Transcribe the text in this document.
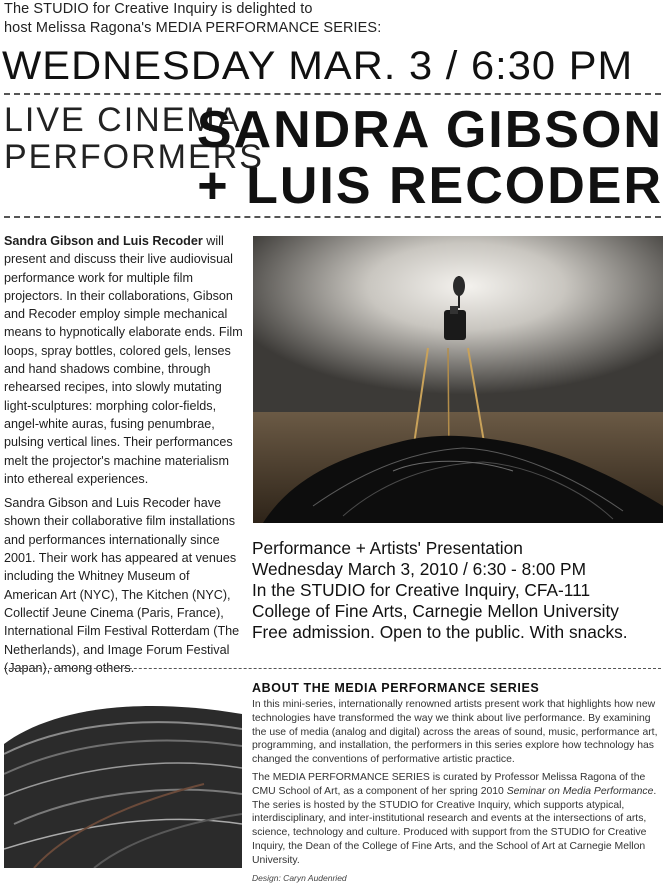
The STUDIO for Creative Inquiry is delighted to
host Melissa Ragona's MEDIA PERFORMANCE SERIES:
WEDNESDAY MAR. 3 / 6:30 PM
LIVE CINEMA
PERFORMERS
SANDRA GIBSON
+ LUIS RECODER

Sandra Gibson and Luis Recoder will present and discuss their live audiovisual performance work for multiple film projectors. In their collaborations, Gibson and Recoder employ simple mechanical means to hypnotically elaborate ends. Film loops, spray bottles, colored gels, lenses and hand shadows combine, through rehearsed recipes, into slowly mutating light-sculptures: morphing color-fields, angel-white auras, fusing penumbrae, pulsing vertical lines. Their performances melt the projector's machine materialism into ethereal experiences.

Sandra Gibson and Luis Recoder have shown their collaborative film installations and performances internationally since 2001. Their work has appeared at venues including the Whitney Museum of American Art (NYC), The Kitchen (NYC), Collectif Jeune Cinema (Paris, France), International Film Festival Rotterdam (The Netherlands), and Image Forum Festival (Japan), among others.

Performance + Artists' Presentation
Wednesday March 3, 2010 / 6:30 - 8:00 PM
In the STUDIO for Creative Inquiry, CFA-111
College of Fine Arts, Carnegie Mellon University
Free admission. Open to the public. With snacks.
ABOUT THE MEDIA PERFORMANCE SERIES

In this mini-series, internationally renowned artists present work that highlights how new technologies have transformed the way we think about live performance. By examining the use of media (analog and digital) across the areas of sound, music, performance art, programming, and installation, the performers in this series explore how technology has changed the conventions of performative artistic practice.

The MEDIA PERFORMANCE SERIES is curated by Professor Melissa Ragona of the CMU School of Art, as a component of her spring 2010 Seminar on Media Performance. The series is hosted by the STUDIO for Creative Inquiry, which supports atypical, interdisciplinary, and inter-institutional research and events at the intersections of arts, science, technology and culture. Produced with support from the STUDIO for Creative Inquiry, the Dean of the College of Fine Arts, and the School of Art at Carnegie Mellon University.

Design: Caryn Audenried
